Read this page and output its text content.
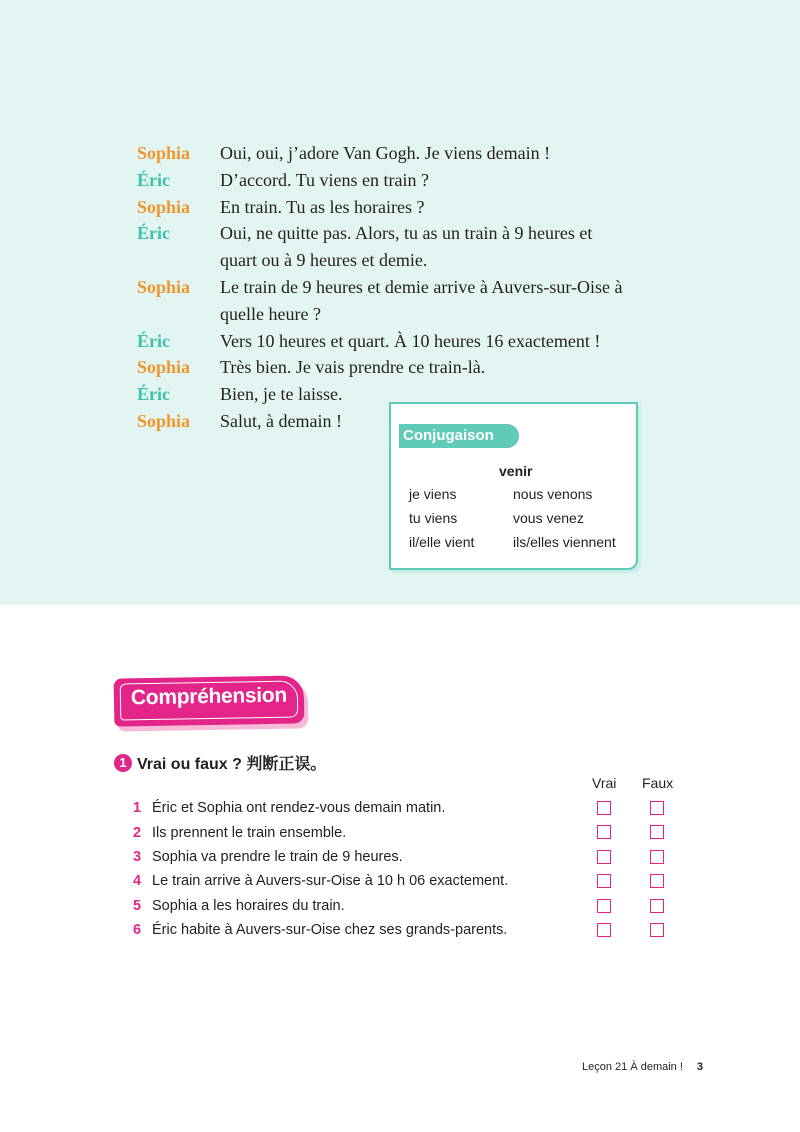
Sophia	Oui, oui, j’adore Van Gogh. Je viens demain !
Éric	D’accord. Tu viens en train ?
Sophia	En train. Tu as les horaires ?
Éric	Oui, ne quitte pas. Alors, tu as un train à 9 heures et
quart ou à 9 heures et demie.
Sophia	Le train de 9 heures et demie arrive à Auvers-sur-Oise à
quelle heure ?
Éric	Vers 10 heures et quart. À 10 heures 16 exactement !
Sophia	Très bien. Je vais prendre ce train-là.
Éric	Bien, je te laisse.
Sophia	Salut, à demain !
Conjugaison
venir
je viens	nous venons
tu viens	vous venez
il/elle vient	ils/elles viennent
Compréhension
1 Vrai ou faux ? 判断正误。
Vrai Faux
1 Éric et Sophia ont rendez-vous demain matin.
2 Ils prennent le train ensemble.
3 Sophia va prendre le train de 9 heures.
4 Le train arrive à Auvers-sur-Oise à 10 h 06 exactement.
5 Sophia a les horaires du train.
6 Éric habite à Auvers-sur-Oise chez ses grands-parents.
Leçon 21 À demain ! 3
